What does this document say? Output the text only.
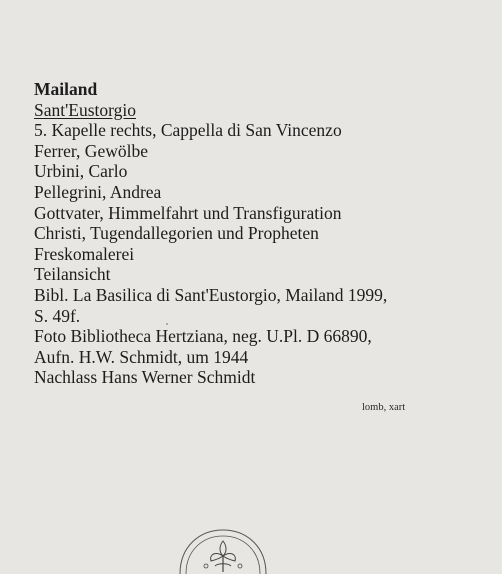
Mailand
Sant'Eustorgio
5. Kapelle rechts, Cappella di San Vincenzo
Ferrer, Gewölbe
Urbini, Carlo
Pellegrini, Andrea
Gottvater, Himmelfahrt und Transfiguration
Christi, Tugendallegorien und Propheten
Freskomalerei
Teilansicht
Bibl. La Basilica di Sant'Eustorgio, Mailand 1999,
S. 49f.
Foto Bibliotheca Hertziana, neg. U.Pl. D 66890,
Aufn. H.W. Schmidt, um 1944
Nachlass Hans Werner Schmidt
lomb, xart
